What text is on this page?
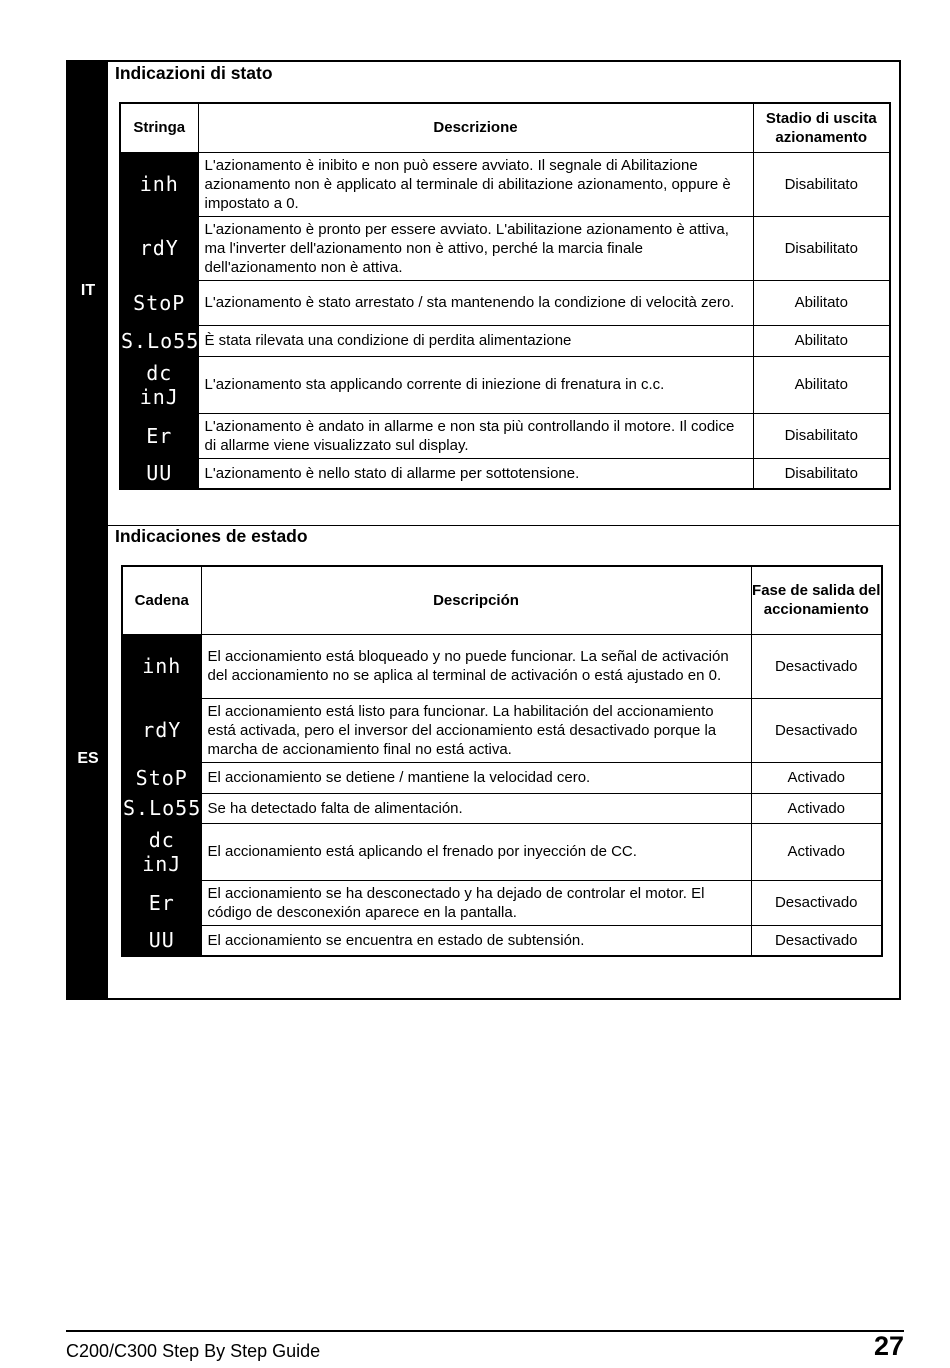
IT
ES
Indicazioni di stato
Stringa	Descrizione	Stadio di uscita azionamento

inh	L'azionamento è inibito e non può essere avviato. Il segnale di Abilitazione azionamento non è applicato al terminale di abilitazione azionamento, oppure è impostato a 0.	Disabilitato

rdY	L'azionamento è pronto per essere avviato. L'abilitazione azionamento è attiva, ma l'inverter dell'azionamento non è attivo, perché la marcia finale dell'azionamento non è attiva.	Disabilitato

StoP	L'azionamento è stato arrestato / sta mantenendo la condizione di velocità zero.	Abilitato

S.Lo55	È stata rilevata una condizione di perdita alimentazione	Abilitato

dc
inJ	L'azionamento sta applicando corrente di iniezione di frenatura in c.c.	Abilitato

Er	L'azionamento è andato in allarme e non sta più controllando il motore. Il codice di allarme viene visualizzato sul display.	Disabilitato

UU	L'azionamento è nello stato di allarme per sottotensione.	Disabilitato
Indicaciones de estado
Cadena	Descripción	Fase de salida del accionamiento

inh	El accionamiento está bloqueado y no puede funcionar. La señal de activación del accionamiento no se aplica al terminal de activación o está ajustado en 0.	Desactivado

rdY	El accionamiento está listo para funcionar. La habilitación del accionamiento está activada, pero el inversor del accionamiento está desactivado porque la marcha de accionamiento final no está activa.	Desactivado

StoP	El accionamiento se detiene / mantiene la velocidad cero.	Activado

S.Lo55	Se ha detectado falta de alimentación.	Activado

dc
inJ	El accionamiento está aplicando el frenado por inyección de CC.	Activado

Er	El accionamiento se ha desconectado y ha dejado de controlar el motor. El código de desconexión aparece en la pantalla.	Desactivado

UU	El accionamiento se encuentra en estado de subtensión.	Desactivado
C200/C300 Step By Step Guide	27
